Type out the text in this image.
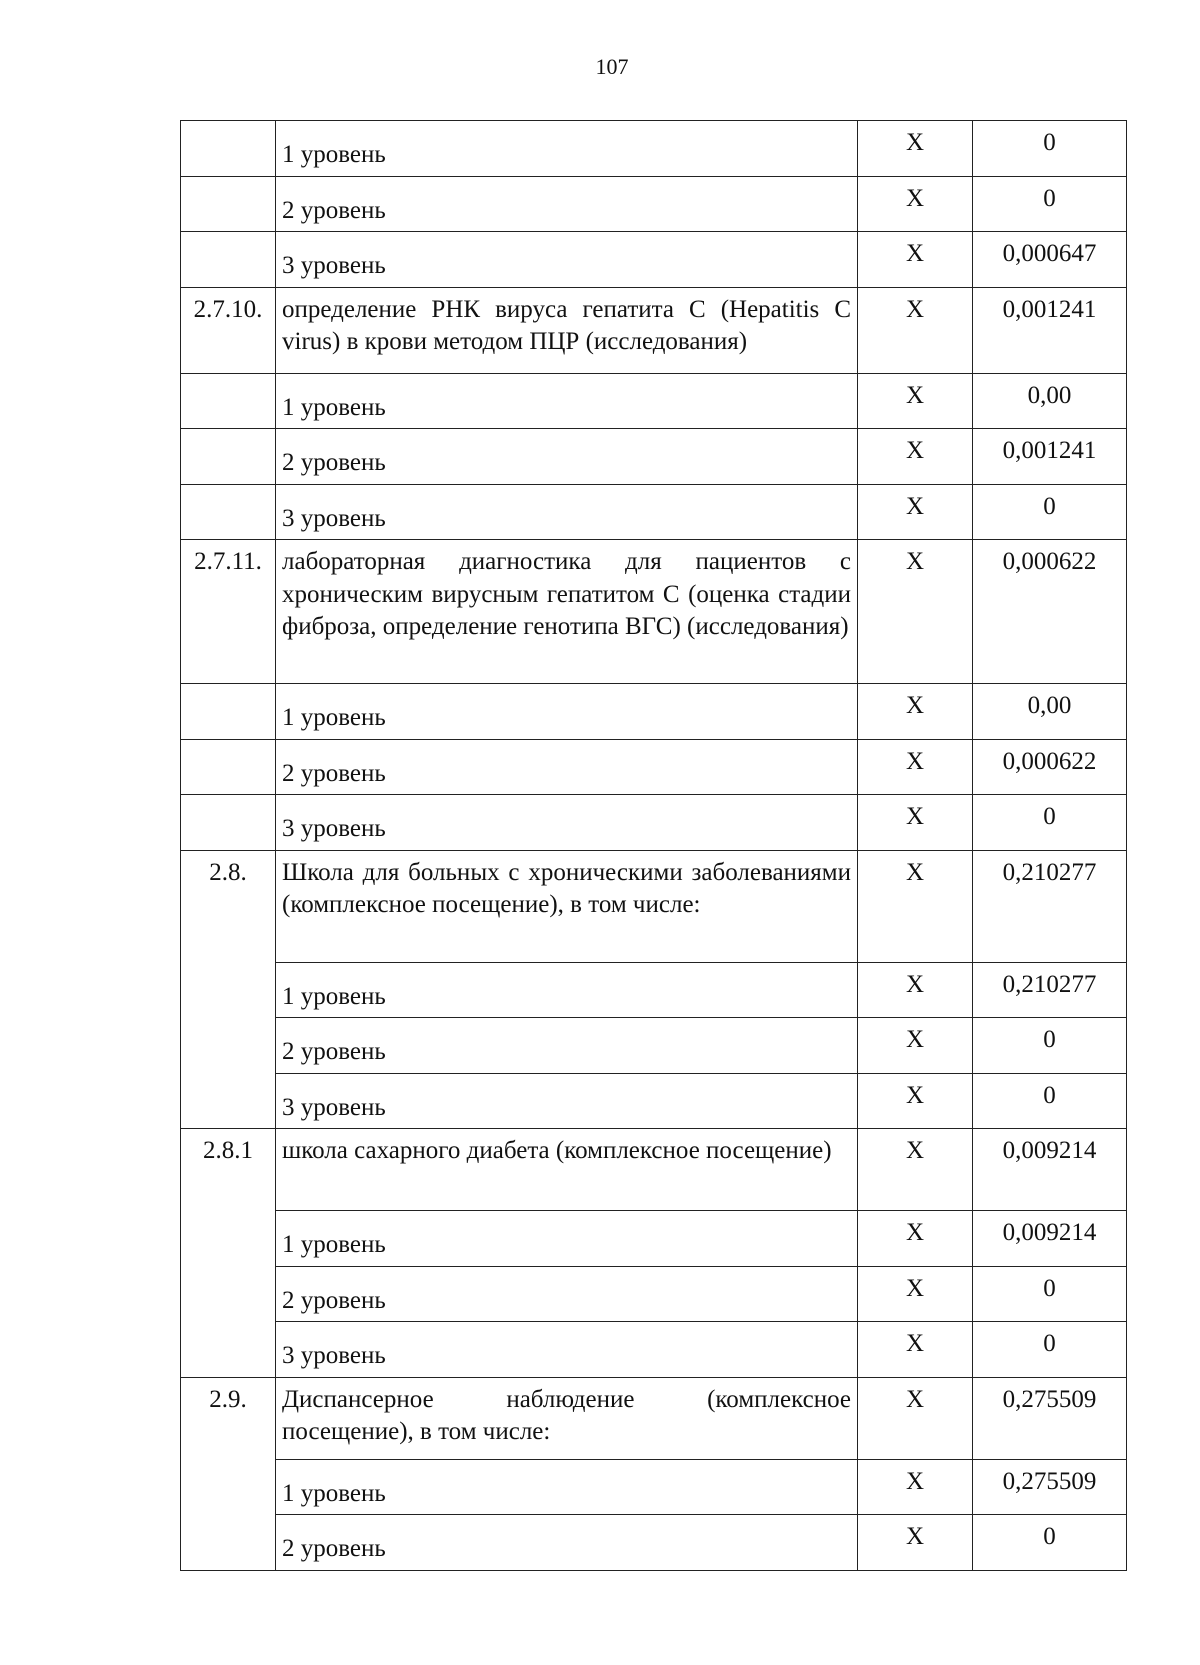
107
	1 уровень	X	0
	2 уровень	X	0
	3 уровень	X	0,000647
2.7.10.	определение РНК вируса гепатита С (Hepatitis C virus) в крови методом ПЦР (исследования)	X	0,001241
	1 уровень	X	0,00
	2 уровень	X	0,001241
	3 уровень	X	0
2.7.11.	лабораторная диагностика для пациентов с хроническим вирусным гепатитом С (оценка стадии фиброза, определение генотипа ВГС) (исследования)	X	0,000622
	1 уровень	X	0,00
	2 уровень	X	0,000622
	3 уровень	X	0
2.8.	Школа для больных с хроническими заболеваниями (комплексное посещение), в том числе:	X	0,210277
	1 уровень	X	0,210277
	2 уровень	X	0
	3 уровень	X	0
2.8.1	школа сахарного диабета (комплексное посещение)	X	0,009214
	1 уровень	X	0,009214
	2 уровень	X	0
	3 уровень	X	0
2.9.	Диспансерное наблюдение (комплексное посещение), в том числе:	X	0,275509
	1 уровень	X	0,275509
	2 уровень	X	0
